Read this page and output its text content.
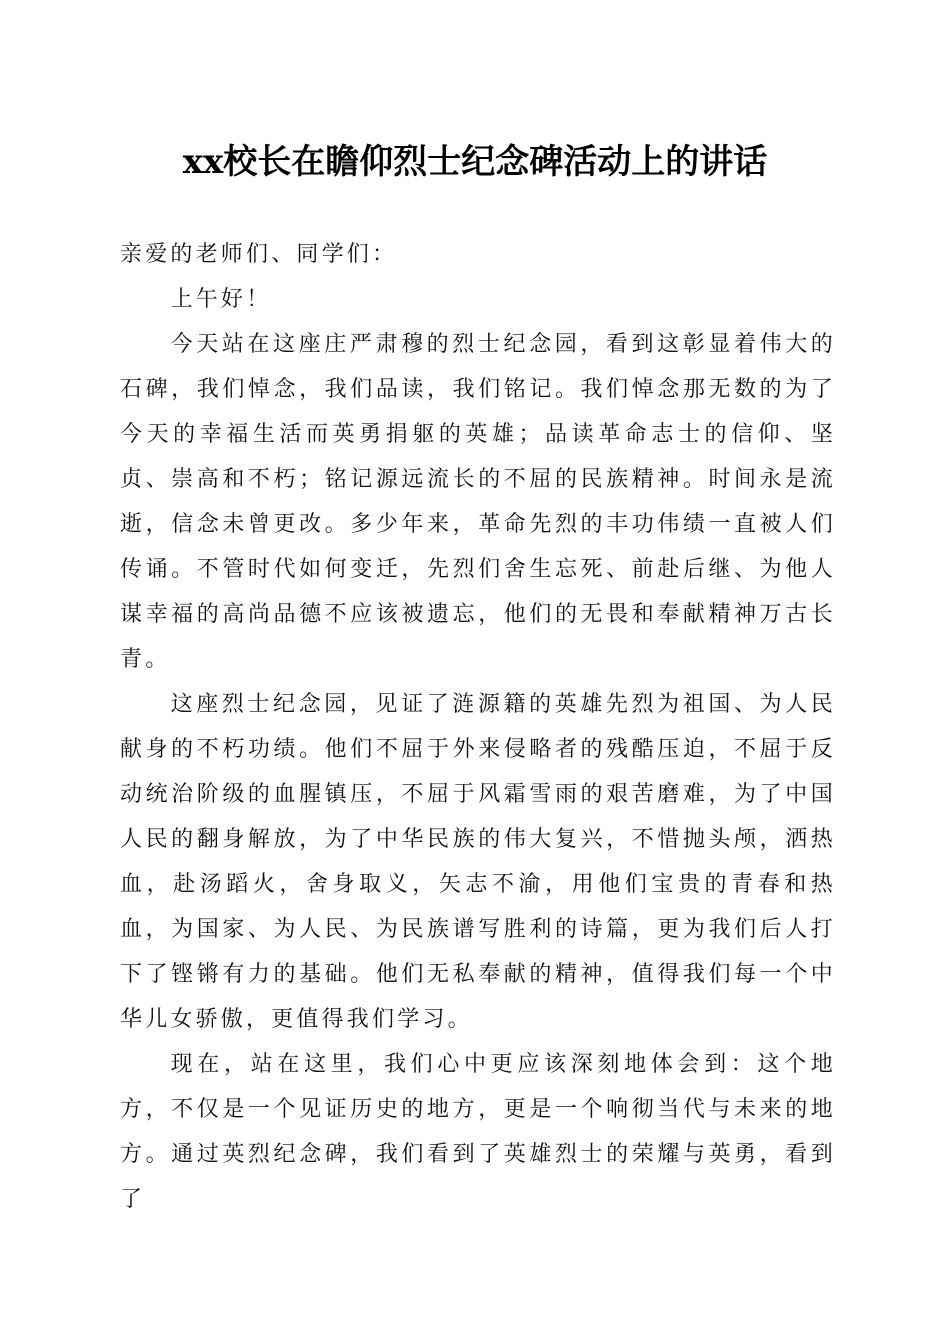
xx校长在瞻仰烈士纪念碑活动上的讲话

亲爱的老师们、同学们：

上午好！

今天站在这座庄严肃穆的烈士纪念园，看到这彰显着伟大的石碑，我们悼念，我们品读，我们铭记。我们悼念那无数的为了今天的幸福生活而英勇捐躯的英雄；品读革命志士的信仰、坚贞、崇高和不朽；铭记源远流长的不屈的民族精神。时间永是流逝，信念未曾更改。多少年来，革命先烈的丰功伟绩一直被人们传诵。不管时代如何变迁，先烈们舍生忘死、前赴后继、为他人谋幸福的高尚品德不应该被遗忘，他们的无畏和奉献精神万古长青。

这座烈士纪念园，见证了涟源籍的英雄先烈为祖国、为人民献身的不朽功绩。他们不屈于外来侵略者的残酷压迫，不屈于反动统治阶级的血腥镇压，不屈于风霜雪雨的艰苦磨难，为了中国人民的翻身解放，为了中华民族的伟大复兴，不惜抛头颅，洒热血，赴汤蹈火，舍身取义，矢志不渝，用他们宝贵的青春和热血，为国家、为人民、为民族谱写胜利的诗篇，更为我们后人打下了铿锵有力的基础。他们无私奉献的精神，值得我们每一个中华儿女骄傲，更值得我们学习。

现在，站在这里，我们心中更应该深刻地体会到：这个地方，不仅是一个见证历史的地方，更是一个响彻当代与未来的地方。通过英烈纪念碑，我们看到了英雄烈士的荣耀与英勇，看到了
